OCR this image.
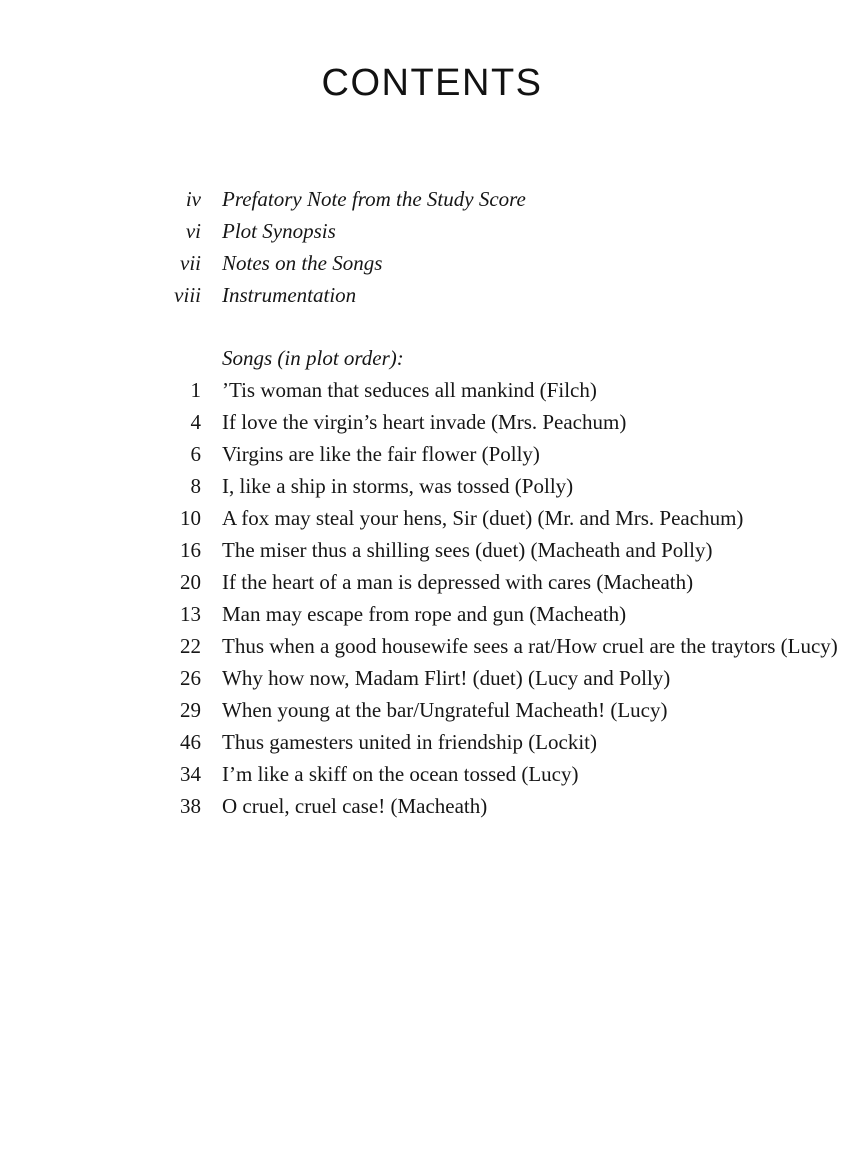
CONTENTS
iv Prefatory Note from the Study Score
vi Plot Synopsis
vii Notes on the Songs
viii Instrumentation
Songs (in plot order):
1 ’Tis woman that seduces all mankind (Filch)
4 If love the virgin’s heart invade (Mrs. Peachum)
6 Virgins are like the fair flower (Polly)
8 I, like a ship in storms, was tossed (Polly)
10 A fox may steal your hens, Sir (duet) (Mr. and Mrs. Peachum)
16 The miser thus a shilling sees (duet) (Macheath and Polly)
20 If the heart of a man is depressed with cares (Macheath)
13 Man may escape from rope and gun (Macheath)
22 Thus when a good housewife sees a rat/How cruel are the traytors (Lucy)
26 Why how now, Madam Flirt! (duet) (Lucy and Polly)
29 When young at the bar/Ungrateful Macheath! (Lucy)
46 Thus gamesters united in friendship (Lockit)
34 I’m like a skiff on the ocean tossed (Lucy)
38 O cruel, cruel case! (Macheath)
